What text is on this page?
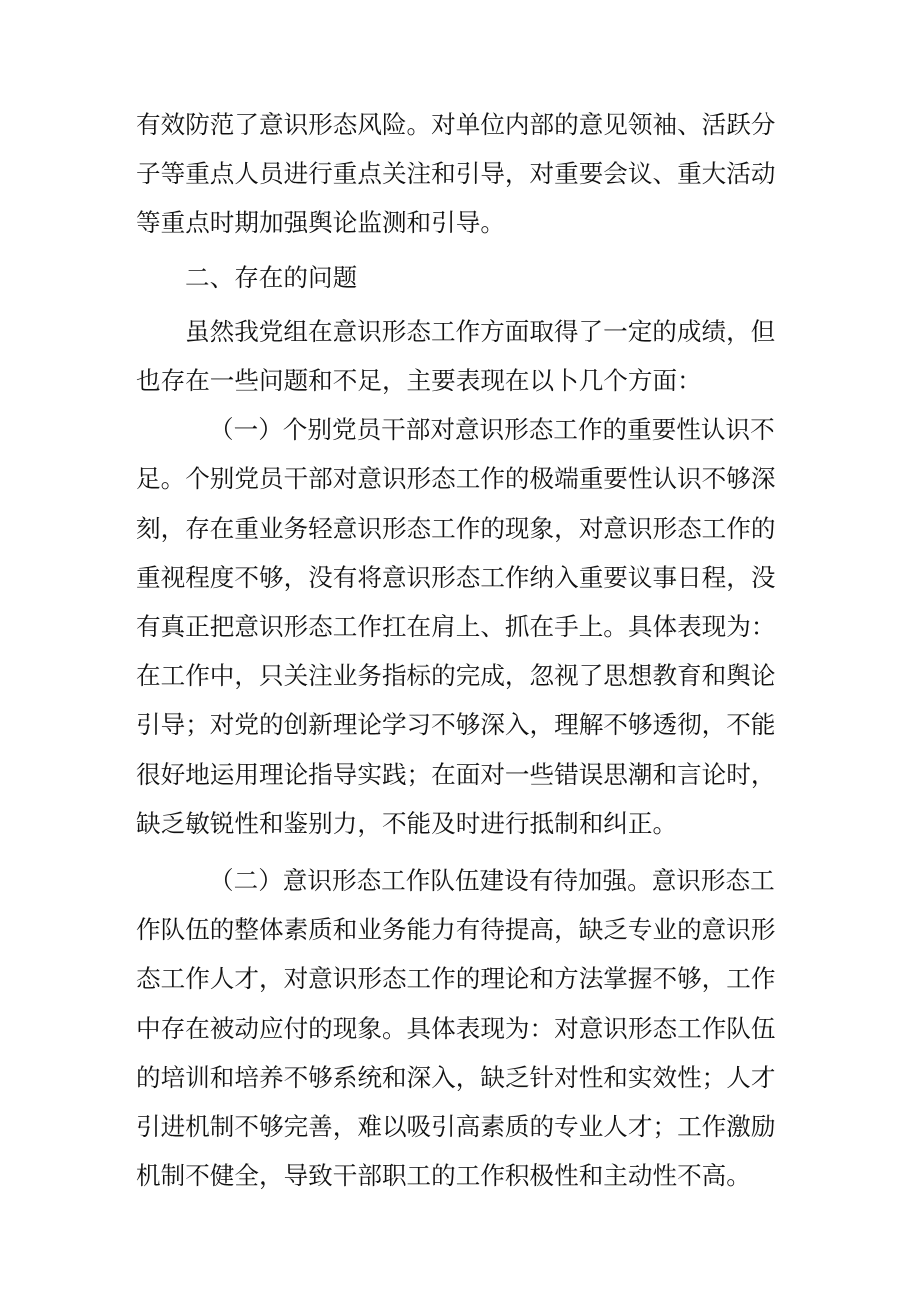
有效防范了意识形态风险。对单位内部的意见领袖、活跃分子等重点人员进行重点关注和引导，对重要会议、重大活动等重点时期加强舆论监测和引导。

二、存在的问题

虽然我党组在意识形态工作方面取得了一定的成绩，但也存在一些问题和不足，主要表现在以卜几个方面：

（一）个别党员干部对意识形态工作的重要性认识不足。个别党员干部对意识形态工作的极端重要性认识不够深刻，存在重业务轻意识形态工作的现象，对意识形态工作的重视程度不够，没有将意识形态工作纳入重要议事日程，没有真正把意识形态工作扛在肩上、抓在手上。具体表现为：在工作中，只关注业务指标的完成，忽视了思想教育和舆论引导；对党的创新理论学习不够深入，理解不够透彻，不能很好地运用理论指导实践；在面对一些错误思潮和言论时，缺乏敏锐性和鉴别力，不能及时进行抵制和纠正。

（二）意识形态工作队伍建设有待加强。意识形态工作队伍的整体素质和业务能力有待提高，缺乏专业的意识形态工作人才，对意识形态工作的理论和方法掌握不够，工作中存在被动应付的现象。具体表现为：对意识形态工作队伍的培训和培养不够系统和深入，缺乏针对性和实效性；人才引进机制不够完善，难以吸引高素质的专业人才；工作激励机制不健全，导致干部职工的工作积极性和主动性不高。
